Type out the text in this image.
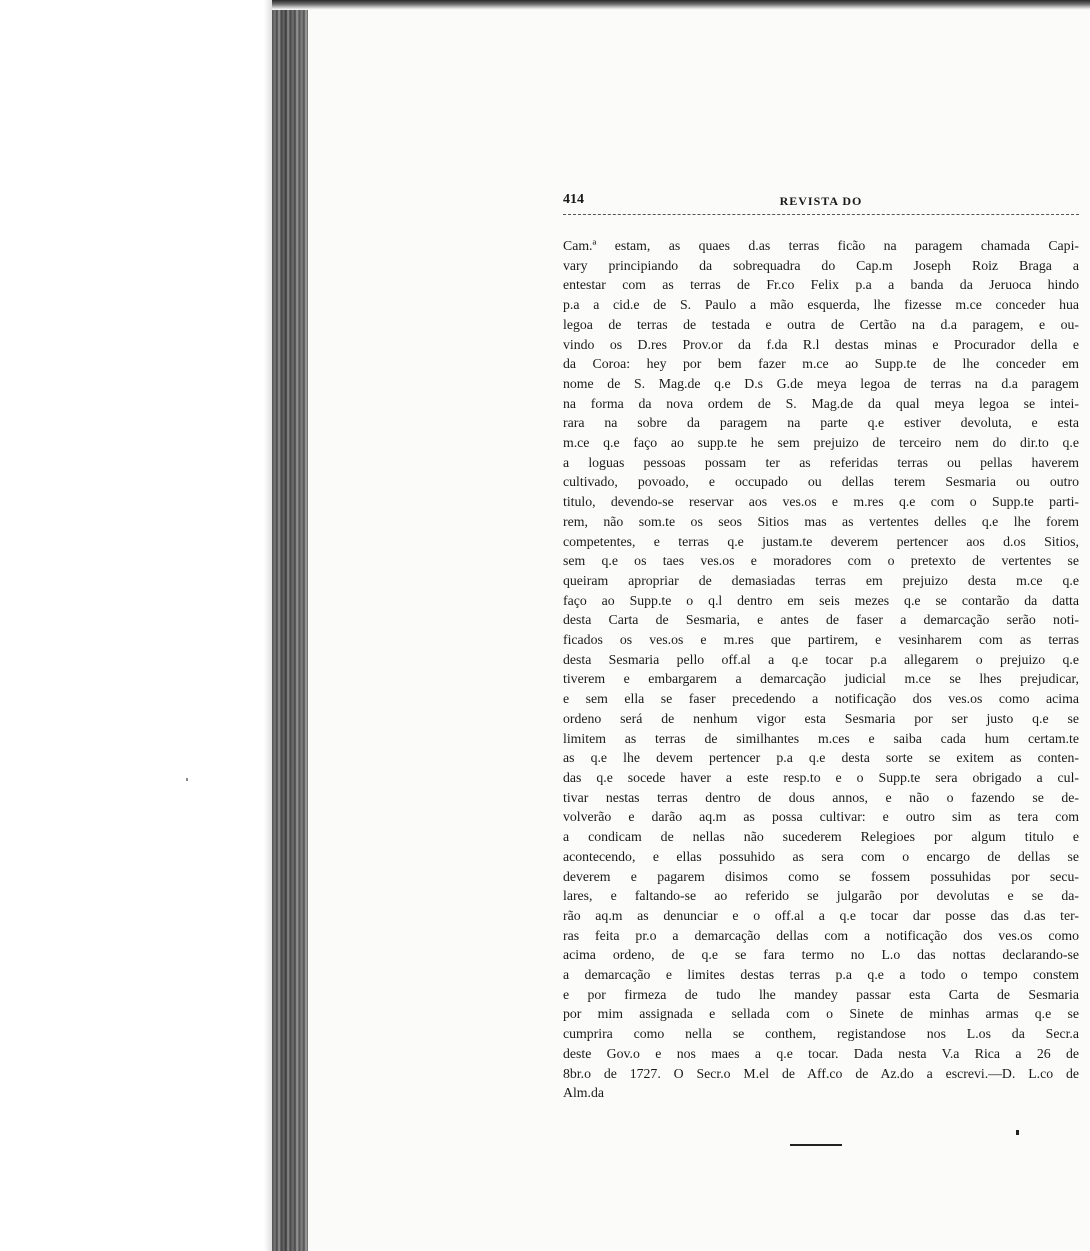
414	REVISTA DO
Cam.ª estam, as quaes d.as terras ficão na paragem chamada Capi-
vary principiando da sobrequadra do Cap.m Joseph Roiz Braga a
entestar com as terras de Fr.co Felix p.a a banda da Jeruoca hindo
p.a a cid.e de S. Paulo a mão esquerda, lhe fizesse m.ce conceder hua
legoa de terras de testada e outra de Certão na d.a paragem, e ou-
vindo os D.res Prov.or da f.da R.l destas minas e Procurador della e
da Coroa: hey por bem fazer m.ce ao Supp.te de lhe conceder em
nome de S. Mag.de q.e D.s G.de meya legoa de terras na d.a paragem
na forma da nova ordem de S. Mag.de da qual meya legoa se intei-
rara na sobre da paragem na parte q.e estiver devoluta, e esta
m.ce q.e faço ao supp.te he sem prejuizo de terceiro nem do dir.to q.e
a loguas pessoas possam ter as referidas terras ou pellas haverem
cultivado, povoado, e occupado ou dellas terem Sesmaria ou outro
titulo, devendo-se reservar aos ves.os e m.res q.e com o Supp.te parti-
rem, não som.te os seos Sitios mas as vertentes delles q.e lhe forem
competentes, e terras q.e justam.te deverem pertencer aos d.os Sitios,
sem q.e os taes ves.os e moradores com o pretexto de vertentes se
queiram apropriar de demasiadas terras em prejuizo desta m.ce q.e
faço ao Supp.te o q.l dentro em seis mezes q.e se contarão da datta
desta Carta de Sesmaria, e antes de faser a demarcação serão noti-
ficados os ves.os e m.res que partirem, e vesinharem com as terras
desta Sesmaria pello off.al a q.e tocar p.a allegarem o prejuizo q.e
tiverem e embargarem a demarcação judicial m.ce se lhes prejudicar,
e sem ella se faser precedendo a notificação dos ves.os como acima
ordeno será de nenhum vigor esta Sesmaria por ser justo q.e se
limitem as terras de similhantes m.ces e saiba cada hum certam.te
as q.e lhe devem pertencer p.a q.e desta sorte se exitem as conten-
das q.e socede haver a este resp.to e o Supp.te sera obrigado a cul-
tivar nestas terras dentro de dous annos, e não o fazendo se de-
volverão e darão aq.m as possa cultivar: e outro sim as tera com
a condicam de nellas não sucederem Relegioes por algum titulo e
acontecendo, e ellas possuhido as sera com o encargo de dellas se
deverem e pagarem disimos como se fossem possuhidas por secu-
lares, e faltando-se ao referido se julgarão por devolutas e se da-
rão aq.m as denunciar e o off.al a q.e tocar dar posse das d.as ter-
ras feita pr.o a demarcação dellas com a notificação dos ves.os como
acima ordeno, de q.e se fara termo no L.o das nottas declarando-se
a demarcação e limites destas terras p.a q.e a todo o tempo constem
e por firmeza de tudo lhe mandey passar esta Carta de Sesmaria
por mim assignada e sellada com o Sinete de minhas armas q.e se
cumprira como nella se conthem, registandose nos L.os da Secr.a
deste Gov.o e nos maes a q.e tocar. Dada nesta V.a Rica a 26 de
8br.o de 1727. O Secr.o M.el de Aff.co de Az.do a escrevi.—D. L.co de
Alm.da
